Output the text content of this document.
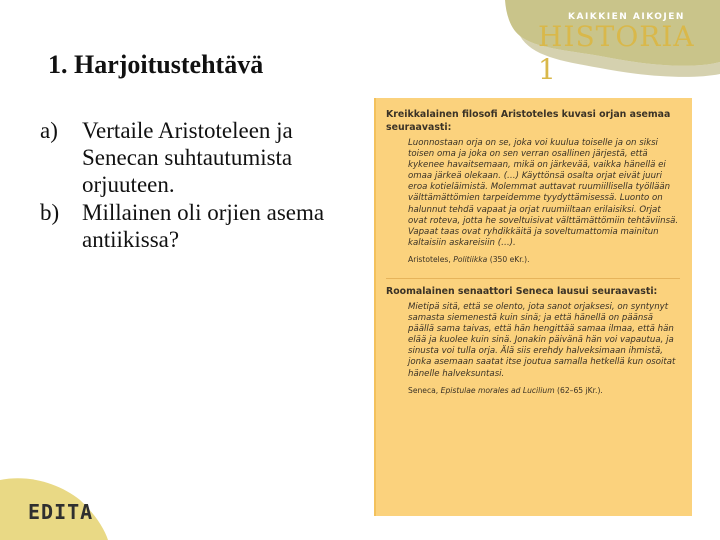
KAIKKIEN AIKOJEN
HISTORIA 1
EDITA
1. Harjoitustehtävä
a) Vertaile Aristoteleen ja Senecan suhtautumista orjuuteen.
b) Millainen oli orjien asema antiikissa?

Kreikkalainen filosofi Aristoteles kuvasi orjan asemaa seuraavasti:

Luonnostaan orja on se, joka voi kuulua toiselle ja on siksi toisen oma ja joka on sen verran osallinen järjestä, että kykenee havaitsemaan, mikä on järkevää, vaikka hänellä ei omaa järkeä olekaan. (…) Käyttönsä osalta orjat eivät juuri eroa kotieläimistä. Molemmat auttavat ruumiillisella työllään välttämättömien tarpeidemme tyydyttämisessä. Luonto on halunnut tehdä vapaat ja orjat ruumiiltaan erilaisiksi. Orjat ovat roteva, jotta he soveltuisivat välttämättömiin tehtäviinsä. Vapaat taas ovat ryhdikkäitä ja soveltumattomia mainitun kaltaisiin askareisiin (…).

Aristoteles, Politiikka (350 eKr.).

Roomalainen senaattori Seneca lausui seuraavasti:

Mietipä sitä, että se olento, jota sanot orjaksesi, on syntynyt samasta siemenestä kuin sinä; ja että hänellä on päänsä päällä sama taivas, että hän hengittää samaa ilmaa, että hän elää ja kuolee kuin sinä. Jonakin päivänä hän voi vapautua, ja sinusta voi tulla orja. Älä siis erehdy halveksimaan ihmistä, jonka asemaan saatat itse joutua samalla hetkellä kun osoitat hänelle halveksuntasi.

Seneca, Epistulae morales ad Lucilium (62–65 jKr.).
